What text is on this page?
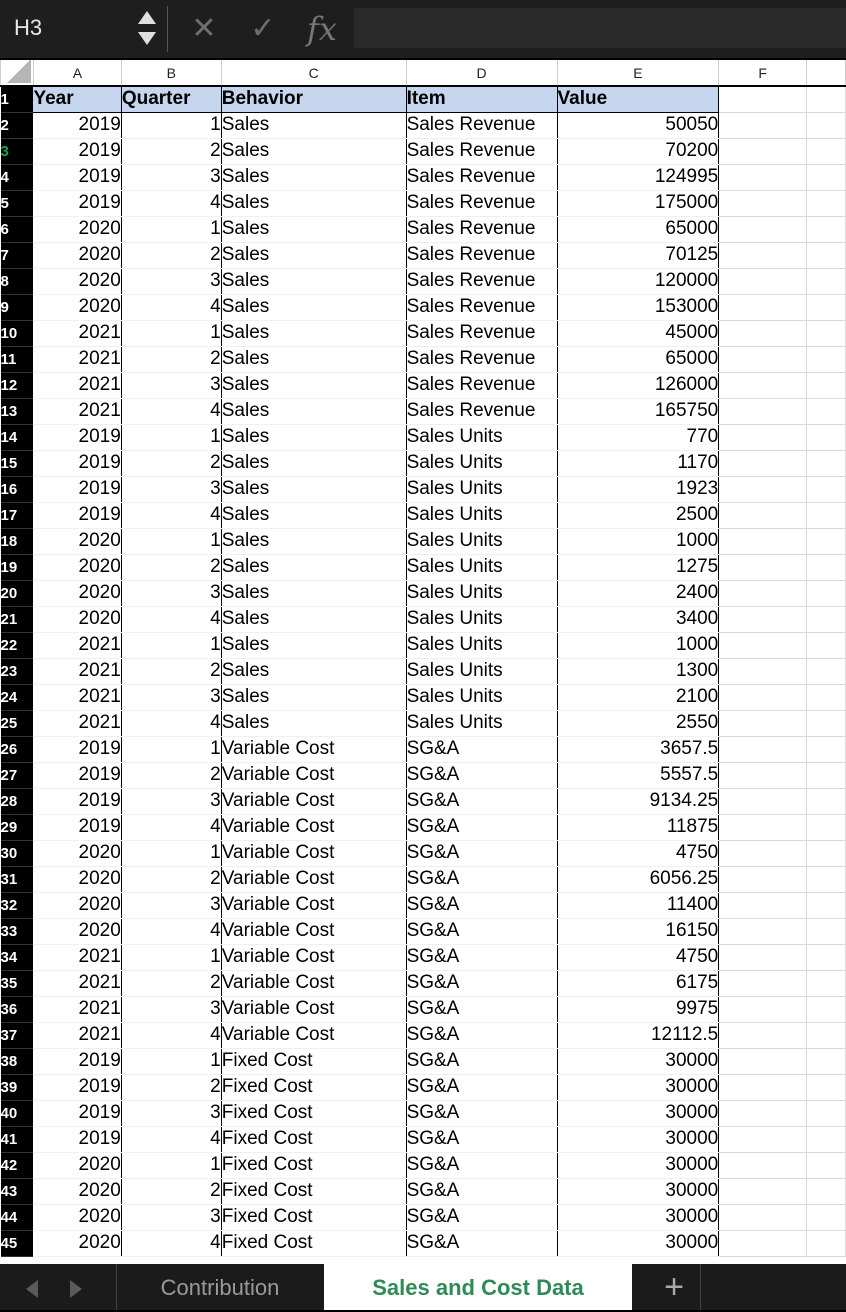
H3	✕ ✓ fx
	A	B	C	D	E	F	
1	Year	Quarter	Behavior	Item	Value		
2	2019	1	Sales	Sales Revenue	50050		
3	2019	2	Sales	Sales Revenue	70200		
4	2019	3	Sales	Sales Revenue	124995		
5	2019	4	Sales	Sales Revenue	175000		
6	2020	1	Sales	Sales Revenue	65000		
7	2020	2	Sales	Sales Revenue	70125		
8	2020	3	Sales	Sales Revenue	120000		
9	2020	4	Sales	Sales Revenue	153000		
10	2021	1	Sales	Sales Revenue	45000		
11	2021	2	Sales	Sales Revenue	65000		
12	2021	3	Sales	Sales Revenue	126000		
13	2021	4	Sales	Sales Revenue	165750		
14	2019	1	Sales	Sales Units	770		
15	2019	2	Sales	Sales Units	1170		
16	2019	3	Sales	Sales Units	1923		
17	2019	4	Sales	Sales Units	2500		
18	2020	1	Sales	Sales Units	1000		
19	2020	2	Sales	Sales Units	1275		
20	2020	3	Sales	Sales Units	2400		
21	2020	4	Sales	Sales Units	3400		
22	2021	1	Sales	Sales Units	1000		
23	2021	2	Sales	Sales Units	1300		
24	2021	3	Sales	Sales Units	2100		
25	2021	4	Sales	Sales Units	2550		
26	2019	1	Variable Cost	SG&A	3657.5		
27	2019	2	Variable Cost	SG&A	5557.5		
28	2019	3	Variable Cost	SG&A	9134.25		
29	2019	4	Variable Cost	SG&A	11875		
30	2020	1	Variable Cost	SG&A	4750		
31	2020	2	Variable Cost	SG&A	6056.25		
32	2020	3	Variable Cost	SG&A	11400		
33	2020	4	Variable Cost	SG&A	16150		
34	2021	1	Variable Cost	SG&A	4750		
35	2021	2	Variable Cost	SG&A	6175		
36	2021	3	Variable Cost	SG&A	9975		
37	2021	4	Variable Cost	SG&A	12112.5		
38	2019	1	Fixed Cost	SG&A	30000		
39	2019	2	Fixed Cost	SG&A	30000		
40	2019	3	Fixed Cost	SG&A	30000		
41	2019	4	Fixed Cost	SG&A	30000		
42	2020	1	Fixed Cost	SG&A	30000		
43	2020	2	Fixed Cost	SG&A	30000		
44	2020	3	Fixed Cost	SG&A	30000		
45	2020	4	Fixed Cost	SG&A	30000		
Contribution	Sales and Cost Data	+
